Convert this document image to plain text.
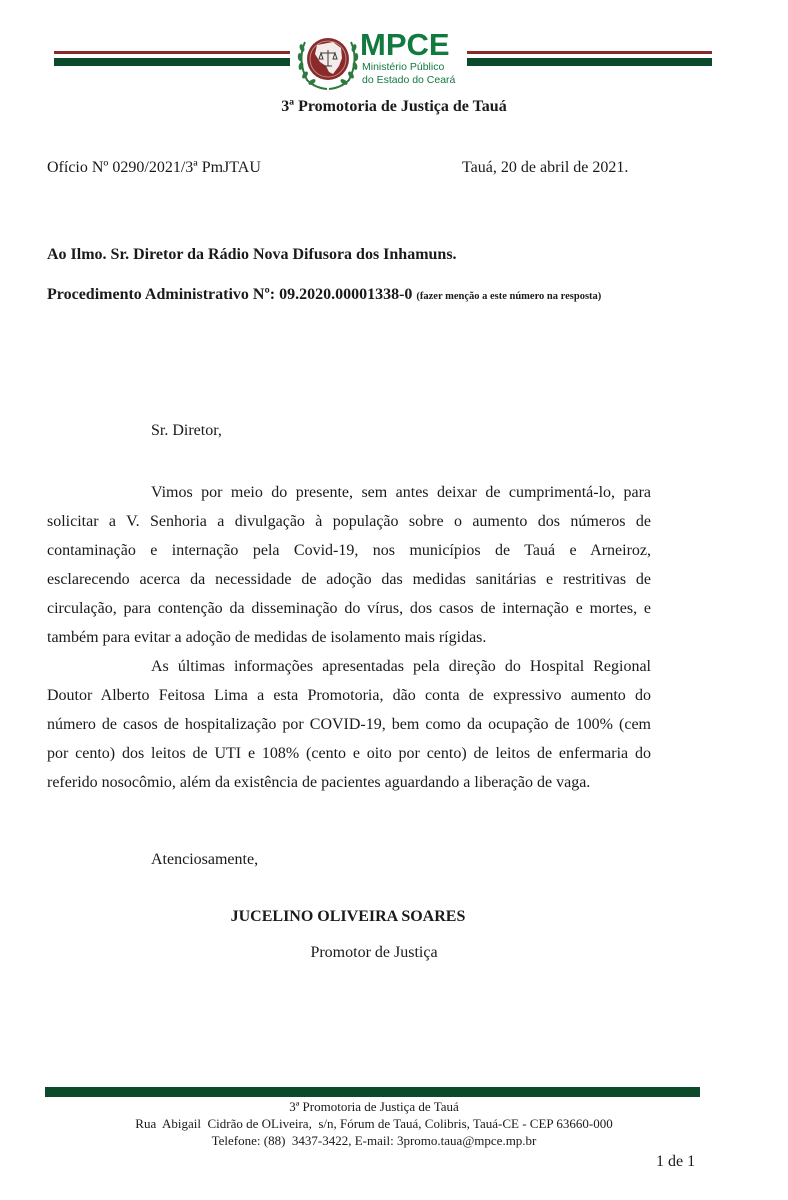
MPCE
Ministério Público
do Estado do Ceará
3ª Promotoria de Justiça de Tauá
Ofício Nº 0290/2021/3ª PmJTAU	Tauá, 20 de abril de 2021.
Ao Ilmo. Sr. Diretor da Rádio Nova Difusora dos Inhamuns.
Procedimento Administrativo Nº: 09.2020.00001338-0 (fazer menção a este número na resposta)
Sr. Diretor,
Vimos por meio do presente, sem antes deixar de cumprimentá-lo, para
solicitar a V. Senhoria a divulgação à população sobre o aumento dos números de
contaminação e internação pela Covid-19, nos municípios de Tauá e Arneiroz,
esclarecendo acerca da necessidade de adoção das medidas sanitárias e restritivas de
circulação, para contenção da disseminação do vírus, dos casos de internação e mortes, e
também para evitar a adoção de medidas de isolamento mais rígidas.
As últimas informações apresentadas pela direção do Hospital Regional
Doutor Alberto Feitosa Lima a esta Promotoria, dão conta de expressivo aumento do
número de casos de hospitalização por COVID-19, bem como da ocupação de 100% (cem
por cento) dos leitos de UTI e 108% (cento e oito por cento) de leitos de enfermaria do
referido nosocômio, além da existência de pacientes aguardando a liberação de vaga.
Atenciosamente,
JUCELINO OLIVEIRA SOARES
Promotor de Justiça
3ª Promotoria de Justiça de Tauá
Rua  Abigail  Cidrão de OLiveira,  s/n, Fórum de Tauá, Colibris, Tauá-CE - CEP 63660-000
Telefone: (88)  3437-3422, E-mail: 3promo.taua@mpce.mp.br
1 de 1
